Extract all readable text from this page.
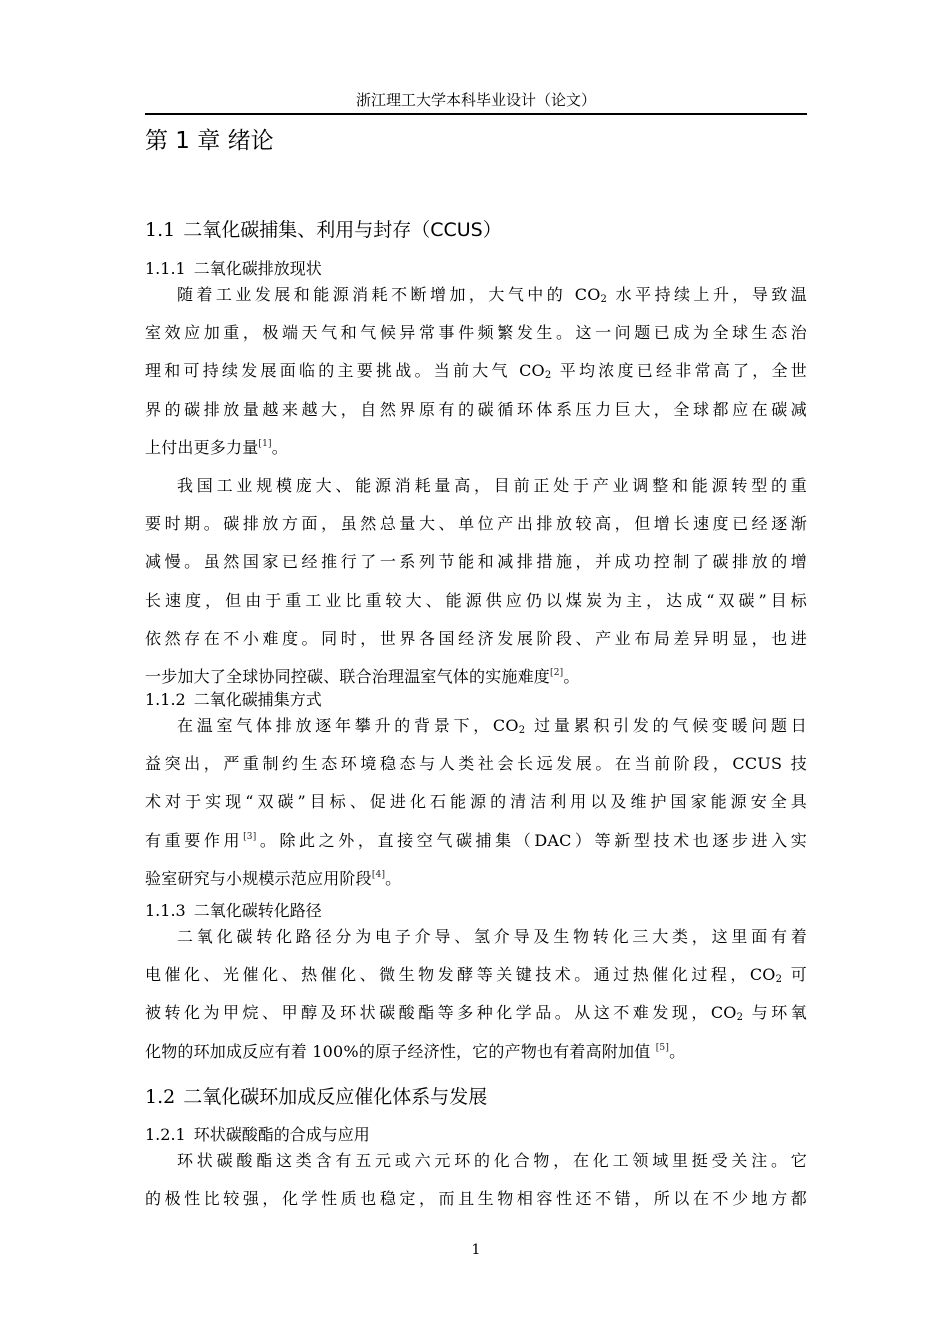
浙江理工大学本科毕业设计（论文）
第 1 章 绪论
1.1 二氧化碳捕集、利用与封存（CCUS）
1.1.1 二氧化碳排放现状
随着工业发展和能源消耗不断增加，大气中的 $CO_2$ 水平持续上升，导致温
室效应加重，极端天气和气候异常事件频繁发生。这一问题已成为全球生态治
理和可持续发展面临的主要挑战。当前大气 $CO_2$ 平均浓度已经非常高了，全世
界的碳排放量越来越大，自然界原有的碳循环体系压力巨大，全球都应在碳减
上付出更多力量[1]。
我国工业规模庞大、能源消耗量高，目前正处于产业调整和能源转型的重
要时期。碳排放方面，虽然总量大、单位产出排放较高，但增长速度已经逐渐
减慢。虽然国家已经推行了一系列节能和减排措施，并成功控制了碳排放的增
长速度，但由于重工业比重较大、能源供应仍以煤炭为主，达成“双碳”目标
依然存在不小难度。同时，世界各国经济发展阶段、产业布局差异明显，也进
一步加大了全球协同控碳、联合治理温室气体的实施难度[2]。
1.1.2 二氧化碳捕集方式
在温室气体排放逐年攀升的背景下，$CO_2$ 过量累积引发的气候变暖问题日
益突出，严重制约生态环境稳态与人类社会长远发展。在当前阶段，CCUS 技
术对于实现“双碳”目标、促进化石能源的清洁利用以及维护国家能源安全具
有重要作用[3]。除此之外，直接空气碳捕集（DAC）等新型技术也逐步进入实
验室研究与小规模示范应用阶段[4]。
1.1.3 二氧化碳转化路径
二氧化碳转化路径分为电子介导、氢介导及生物转化三大类，这里面有着
电催化、光催化、热催化、微生物发酵等关键技术。通过热催化过程，$CO_2$ 可
被转化为甲烷、甲醇及环状碳酸酯等多种化学品。从这不难发现，$CO_2$ 与环氧
化物的环加成反应有着 100%的原子经济性，它的产物也有着高附加值 [5]。
1.2 二氧化碳环加成反应催化体系与发展
1.2.1 环状碳酸酯的合成与应用
环状碳酸酯这类含有五元或六元环的化合物，在化工领域里挺受关注。它
的极性比较强，化学性质也稳定，而且生物相容性还不错，所以在不少地方都
1
